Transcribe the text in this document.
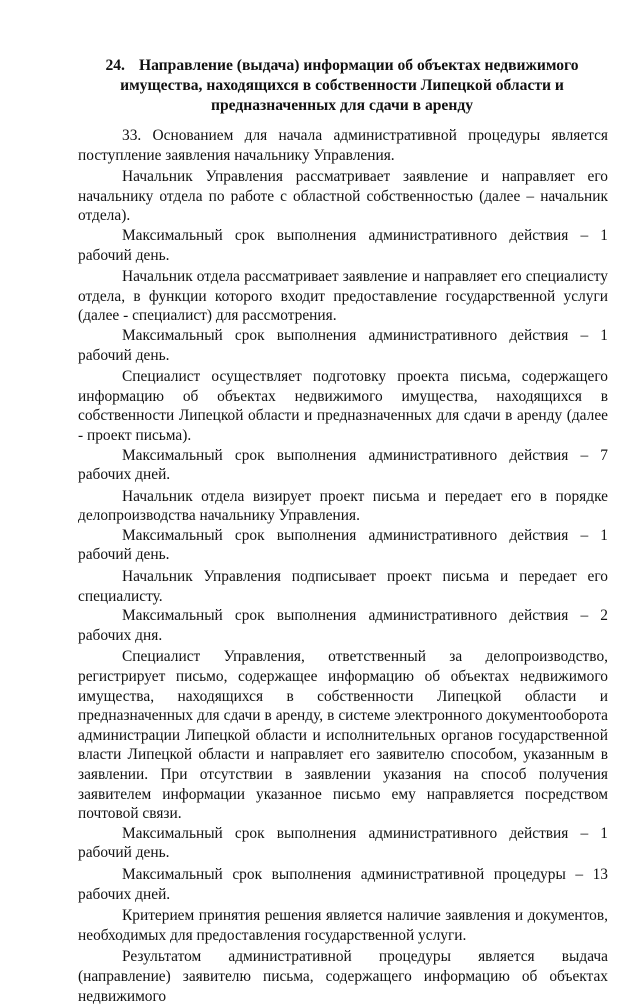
24. Направление (выдача) информации об объектах недвижимого имущества, находящихся в собственности Липецкой области и предназначенных для сдачи в аренду

33. Основанием для начала административной процедуры является поступление заявления начальнику Управления.

Начальник Управления рассматривает заявление и направляет его начальнику отдела по работе с областной собственностью (далее – начальник отдела).

Максимальный срок выполнения административного действия – 1 рабочий день.

Начальник отдела рассматривает заявление и направляет его специалисту отдела, в функции которого входит предоставление государственной услуги (далее - специалист) для рассмотрения.

Максимальный срок выполнения административного действия – 1 рабочий день.

Специалист осуществляет подготовку проекта письма, содержащего информацию об объектах недвижимого имущества, находящихся в собственности Липецкой области и предназначенных для сдачи в аренду (далее - проект письма).

Максимальный срок выполнения административного действия – 7 рабочих дней.

Начальник отдела визирует проект письма и передает его в порядке делопроизводства начальнику Управления.

Максимальный срок выполнения административного действия – 1 рабочий день.

Начальник Управления подписывает проект письма и передает его специалисту.

Максимальный срок выполнения административного действия – 2 рабочих дня.

Специалист Управления, ответственный за делопроизводство, регистрирует письмо, содержащее информацию об объектах недвижимого имущества, находящихся в собственности Липецкой области и предназначенных для сдачи в аренду, в системе электронного документооборота администрации Липецкой области и исполнительных органов государственной власти Липецкой области и направляет его заявителю способом, указанным в заявлении. При отсутствии в заявлении указания на способ получения заявителем информации указанное письмо ему направляется посредством почтовой связи.

Максимальный срок выполнения административного действия – 1 рабочий день.

Максимальный срок выполнения административной процедуры – 13 рабочих дней.

Критерием принятия решения является наличие заявления и документов, необходимых для предоставления государственной услуги.

Результатом административной процедуры является выдача (направление) заявителю письма, содержащего информацию об объектах недвижимого
